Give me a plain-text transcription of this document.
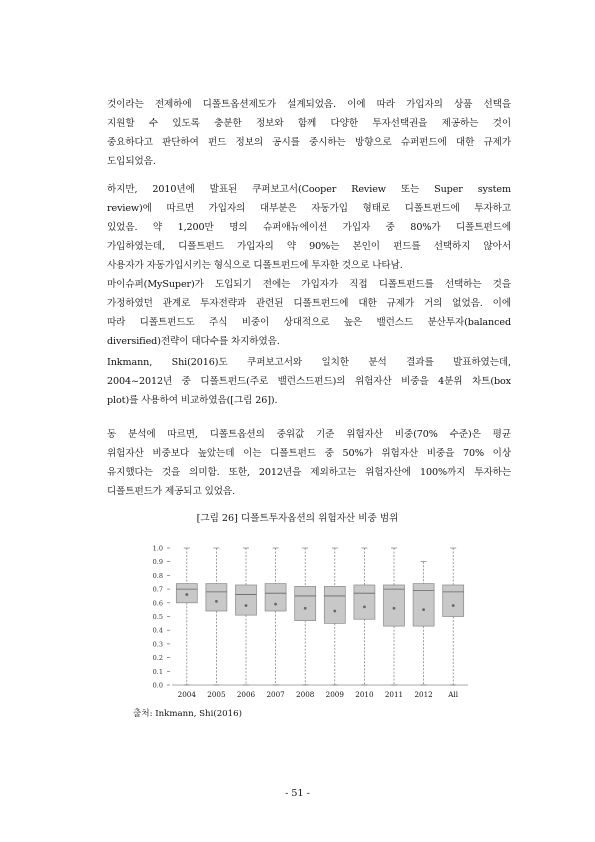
것이라는 전제하에 디폴트옵션제도가 설계되었음. 이에 따라 가입자의 상품 선택을
지원할 수 있도록 충분한 정보와 함께 다양한 투자선택권을 제공하는 것이
중요하다고 판단하여 펀드 정보의 공시를 중시하는 방향으로 슈퍼펀드에 대한 규제가
도입되었음.
하지만, 2010년에 발표된 쿠퍼보고서(Cooper Review 또는 Super system
review)에 따르면 가입자의 대부분은 자동가입 형태로 디폴트펀드에 투자하고
있었음. 약 1,200만 명의 슈퍼애뉴에이션 가입자 중 80%가 디폴트펀드에
가입하였는데, 디폴트펀드 가입자의 약 90%는 본인이 펀드를 선택하지 않아서
사용자가 자동가입시키는 형식으로 디폴트펀드에 투자한 것으로 나타남.
마이슈퍼(MySuper)가 도입되기 전에는 가입자가 직접 디폴트펀드를 선택하는 것을
가정하였던 관계로 투자전략과 관련된 디폴트펀드에 대한 규제가 거의 없었음. 이에
따라 디폴트펀드도 주식 비중이 상대적으로 높은 밸런스드 분산투자(balanced
diversified)전략이 대다수를 차지하였음.
Inkmann, Shi(2016)도 쿠퍼보고서와 일치한 분석 결과를 발표하였는데,
2004~2012년 중 디폴트펀드(주로 밸런스드펀드)의 위험자산 비중을 4분위 차트(box
plot)를 사용하여 비교하였음([그림 26]).
동 분석에 따르면, 디폴트옵션의 중위값 기준 위험자산 비중(70% 수준)은 평균
위험자산 비중보다 높았는데 이는 디폴트펀드 중 50%가 위험자산 비중을 70% 이상
유지했다는 것을 의미함. 또한, 2012년을 제외하고는 위험자산에 100%까지 투자하는
디폴트펀드가 제공되고 있었음.
[그림 26] 디폴트투자옵션의 위험자산 비중 범위
0.0
0.1
0.2
0.3
0.4
0.5
0.6
0.7
0.8
0.9
1.0
2004 2005 2006 2007 2008 2009 2010 2011 2012 All
출처: Inkmann, Shi(2016)
- 51 -
